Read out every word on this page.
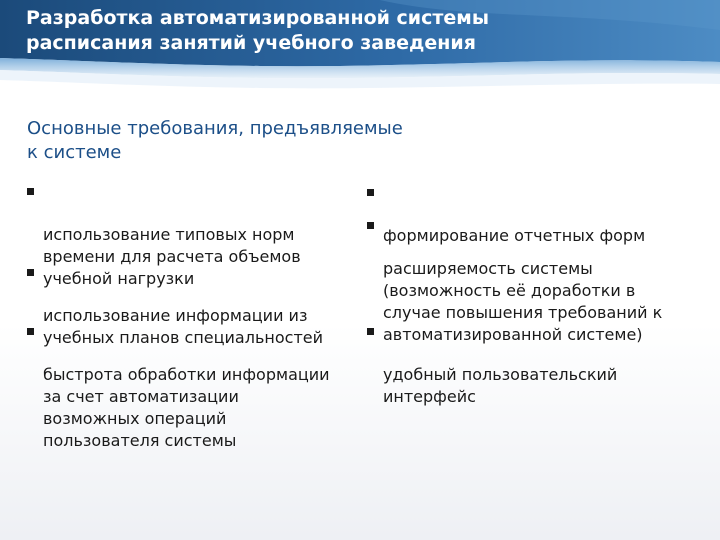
Разработка автоматизированной системы
расписания занятий учебного заведения
Основные требования, предъявляемые
к системе

использование типовых норм
времени для расчета объемов
учебной нагрузки

использование информации из
учебных планов специальностей

быстрота обработки информации
за счет автоматизации
возможных операций
пользователя системы

формирование отчетных форм

расширяемость системы
(возможность её доработки в
случае повышения требований к
автоматизированной системе)

удобный пользовательский
интерфейс
